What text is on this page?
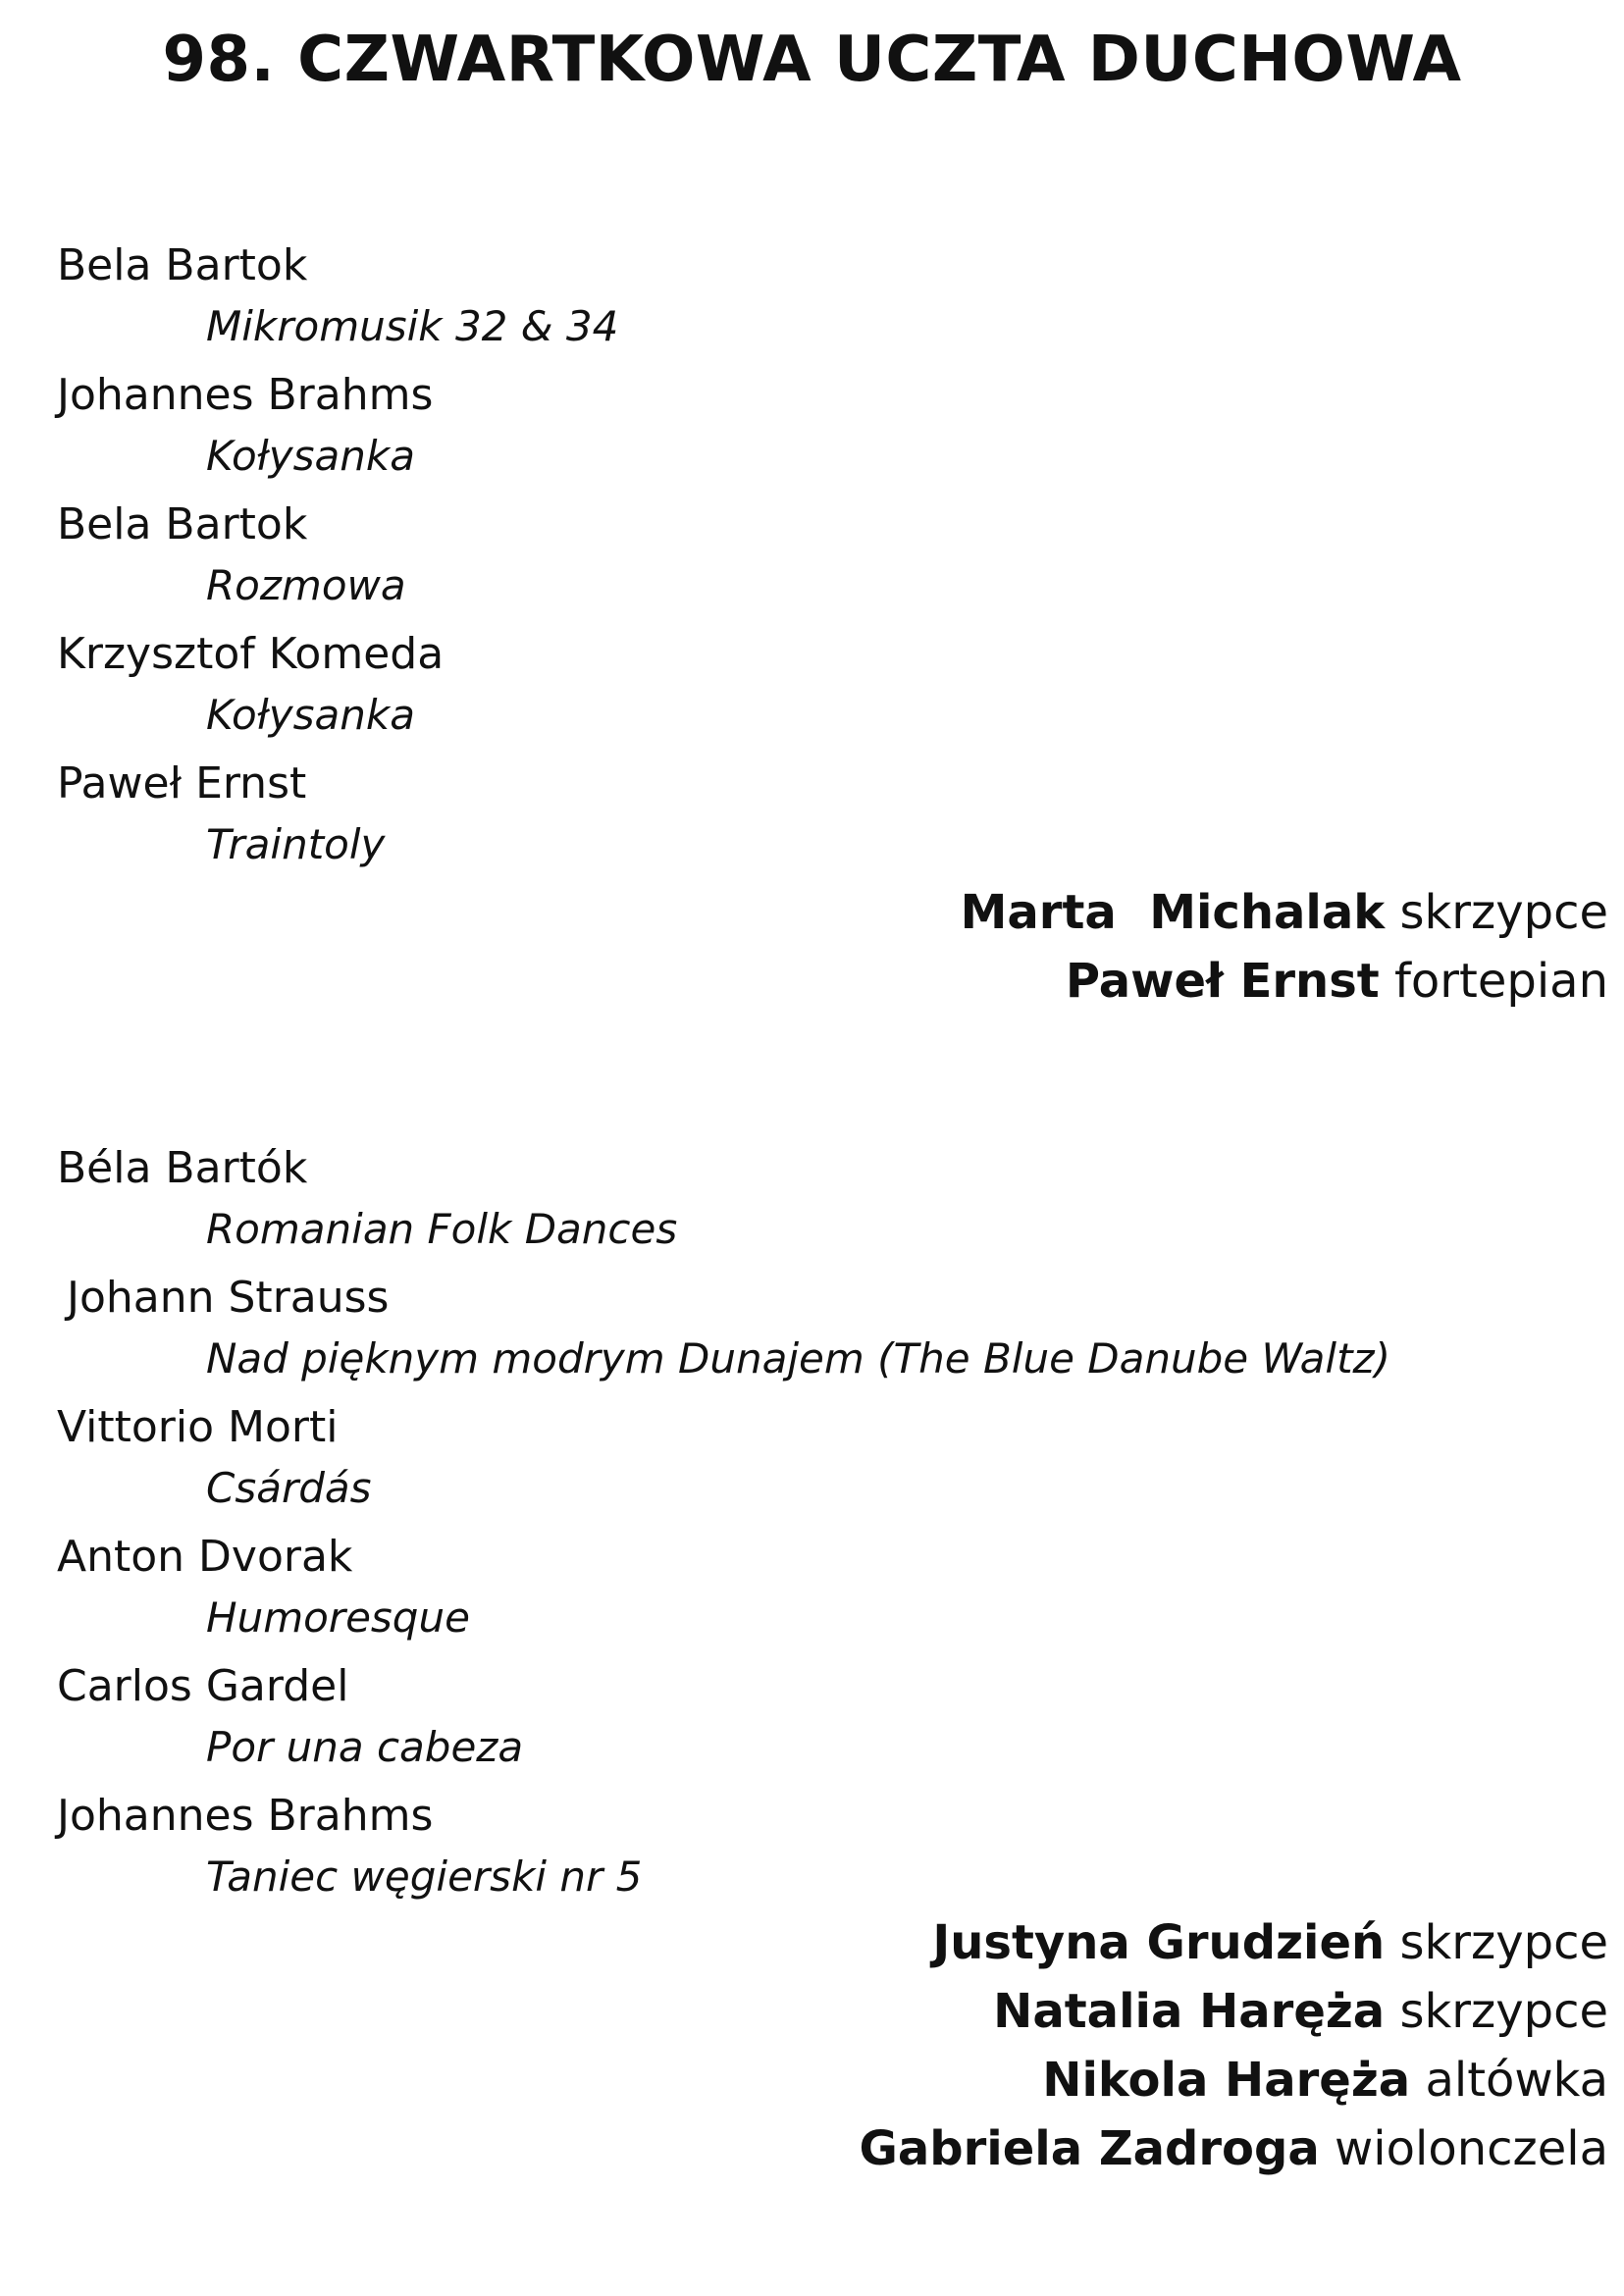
98. CZWARTKOWA UCZTA DUCHOWA
Bela Bartok
Mikromusik 32 & 34
Johannes Brahms
Kołysanka
Bela Bartok
Rozmowa
Krzysztof Komeda
Kołysanka
Paweł Ernst
Traintoly
Marta  Michalak skrzypce
Paweł Ernst fortepian
Béla Bartók
Romanian Folk Dances
Johann Strauss
Nad pięknym modrym Dunajem (The Blue Danube Waltz)
Vittorio Morti
Csárdás
Anton Dvorak
Humoresque
Carlos Gardel
Por una cabeza
Johannes Brahms
Taniec węgierski nr 5
Justyna Grudzień skrzypce
Natalia Haręża skrzypce
Nikola Haręża altówka
Gabriela Zadroga wiolonczela
